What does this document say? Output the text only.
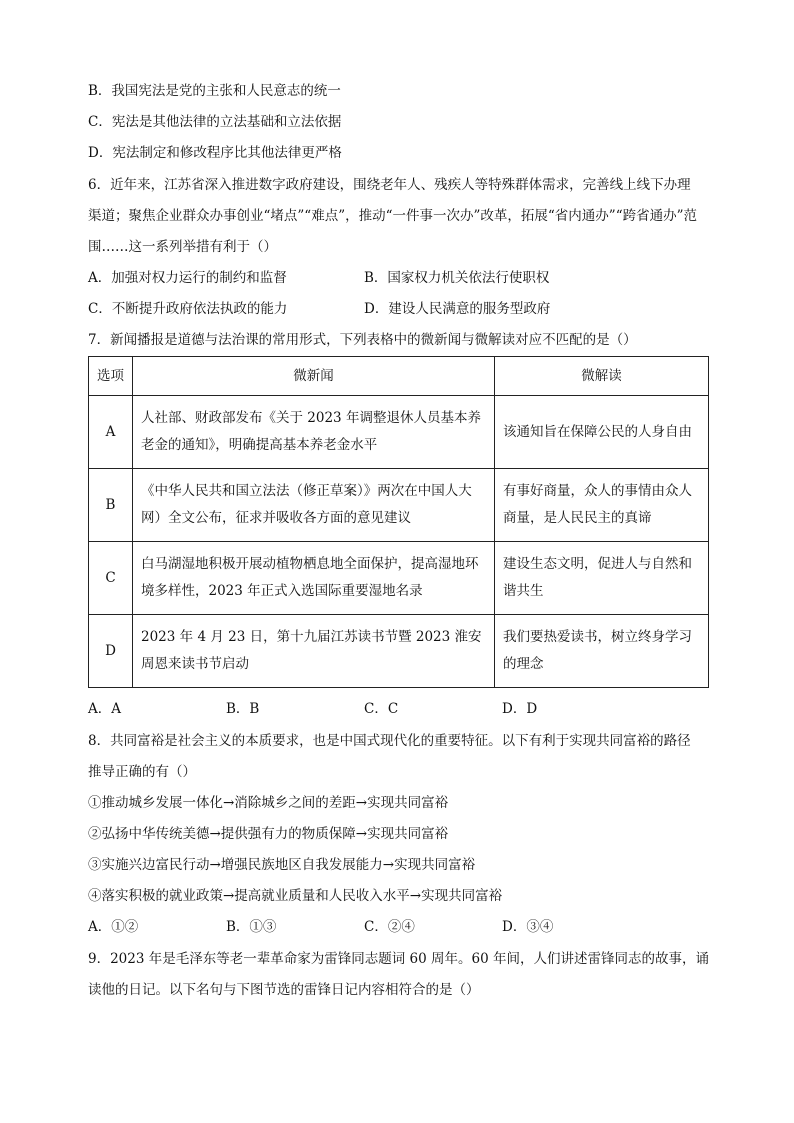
B．我国宪法是党的主张和人民意志的统一
C．宪法是其他法律的立法基础和立法依据
D．宪法制定和修改程序比其他法律更严格
6．近年来，江苏省深入推进数字政府建设，围绕老年人、残疾人等特殊群体需求，完善线上线下办理
渠道；聚焦企业群众办事创业“堵点”“难点”，推动“一件事一次办”改革，拓展“省内通办”“跨省通办”范
围……这一系列举措有利于（）
A．加强对权力运行的制约和监督	B．国家权力机关依法行使职权
C．不断提升政府依法执政的能力	D．建设人民满意的服务型政府
7．新闻播报是道德与法治课的常用形式，下列表格中的微新闻与微解读对应不匹配的是（）
选项	微新闻	微解读
A	人社部、财政部发布《关于 2023 年调整退休人员基本养老金的通知》，明确提高基本养老金水平	该通知旨在保障公民的人身自由
B	《中华人民共和国立法法（修正草案）》两次在中国人大网）全文公布，征求并吸收各方面的意见建议	有事好商量，众人的事情由众人商量，是人民民主的真谛
C	白马湖湿地积极开展动植物栖息地全面保护，提高湿地环境多样性，2023 年正式入选国际重要湿地名录	建设生态文明，促进人与自然和谐共生
D	2023 年 4 月 23 日，第十九届江苏读书节暨 2023 淮安周恩来读书节启动	我们要热爱读书，树立终身学习的理念
A．A	B．B	C．C	D．D
8．共同富裕是社会主义的本质要求，也是中国式现代化的重要特征。以下有利于实现共同富裕的路径
推导正确的有（）
①推动城乡发展一体化→消除城乡之间的差距→实现共同富裕
②弘扬中华传统美德→提供强有力的物质保障→实现共同富裕
③实施兴边富民行动→增强民族地区自我发展能力→实现共同富裕
④落实积极的就业政策→提高就业质量和人民收入水平→实现共同富裕
A．①②	B．①③	C．②④	D．③④
9．2023 年是毛泽东等老一辈革命家为雷锋同志题词 60 周年。60 年间，人们讲述雷锋同志的故事，诵
读他的日记。以下名句与下图节选的雷锋日记内容相符合的是（）
